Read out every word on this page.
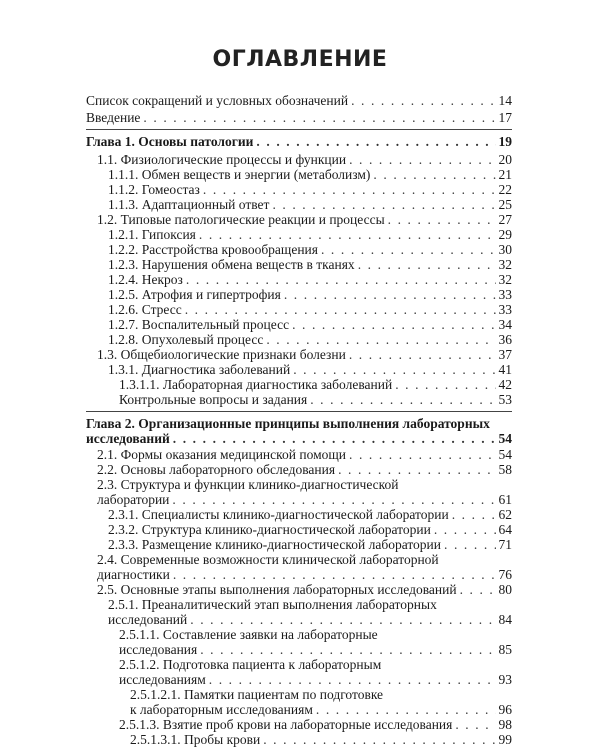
ОГЛАВЛЕНИЕ
Список сокращений и условных обозначений . . .	14
Введение . . .	17
Глава 1. Основы патологии . . .	19
1.1. Физиологические процессы и функции . . .	20
1.1.1. Обмен веществ и энергии (метаболизм) . . .	21
1.1.2. Гомеостаз . . .	22
1.1.3. Адаптационный ответ . . .	25
1.2. Типовые патологические реакции и процессы . . .	27
1.2.1. Гипоксия . . .	29
1.2.2. Расстройства кровообращения . . .	30
1.2.3. Нарушения обмена веществ в тканях . . .	32
1.2.4. Некроз . . .	32
1.2.5. Атрофия и гипертрофия . . .	33
1.2.6. Стресс . . .	33
1.2.7. Воспалительный процесс . . .	34
1.2.8. Опухолевый процесс . . .	36
1.3. Общебиологические признаки болезни . . .	37
1.3.1. Диагностика заболеваний . . .	41
1.3.1.1. Лабораторная диагностика заболеваний . . .	42
Контрольные вопросы и задания . . .	53
Глава 2. Организационные принципы выполнения лабораторных
исследований . . .	54
2.1. Формы оказания медицинской помощи . . .	54
2.2. Основы лабораторного обследования . . .	58
2.3. Структура и функции клинико-диагностической
лаборатории . . .	61
2.3.1. Специалисты клинико-диагностической лаборатории . . .	62
2.3.2. Структура клинико-диагностической лаборатории . . .	64
2.3.3. Размещение клинико-диагностической лаборатории . . .	71
2.4. Современные возможности клинической лабораторной
диагностики . . .	76
2.5. Основные этапы выполнения лабораторных исследований . . .	80
2.5.1. Преаналитический этап выполнения лабораторных
исследований . . .	84
2.5.1.1. Составление заявки на лабораторные
исследования . . .	85
2.5.1.2. Подготовка пациента к лабораторным
исследованиям . . .	93
2.5.1.2.1. Памятки пациентам по подготовке
к лабораторным исследованиям . . .	96
2.5.1.3. Взятие проб крови на лабораторные исследования . . .	98
2.5.1.3.1. Пробы крови . . .	99
